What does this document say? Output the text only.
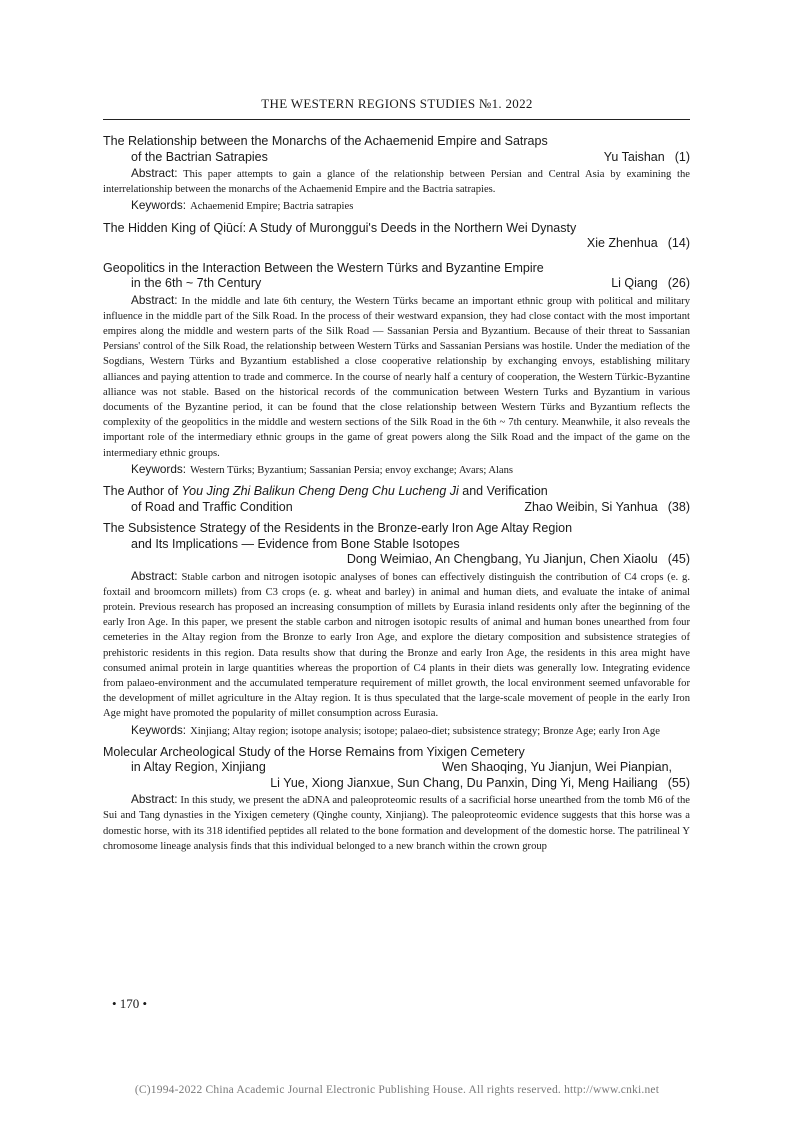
THE WESTERN REGIONS STUDIES №1. 2022
The Relationship between the Monarchs of the Achaemenid Empire and Satraps
of the Bactrian Satrapies	Yu Taishan (1)

Abstract: This paper attempts to gain a glance of the relationship between Persian and Central Asia by examining the interrelationship between the monarchs of the Achaemenid Empire and the Bactria satrapies.

Keywords: Achaemenid Empire; Bactria satrapies

The Hidden King of Qiūcí: A Study of Muronggui's Deeds in the Northern Wei Dynasty
Xie Zhenhua (14)
Geopolitics in the Interaction Between the Western Türks and Byzantine Empire
in the 6th ~ 7th Century	Li Qiang (26)

Abstract: In the middle and late 6th century, the Western Türks became an important ethnic group with political and military influence in the middle part of the Silk Road. In the process of their westward expansion, they had close contact with the most important empires along the middle and western parts of the Silk Road — Sassanian Persia and Byzantium. Because of their threat to Sassanian Persians' control of the Silk Road, the relationship between Western Türks and Sassanian Persians was hostile. Under the mediation of the Sogdians, Western Türks and Byzantium established a close cooperative relationship by exchanging envoys, establishing military alliances and paying attention to trade and commerce. In the course of nearly half a century of cooperation, the Western Türkic-Byzantine alliance was not stable. Based on the historical records of the communication between Western Turks and Byzantium in various documents of the Byzantine period, it can be found that the close relationship between Western Türks and Byzantium reflects the complexity of the geopolitics in the middle and western sections of the Silk Road in the 6th ~ 7th century. Meanwhile, it also reveals the important role of the intermediary ethnic groups in the game of great powers along the Silk Road and the impact of the game on the intermediary ethnic groups.

Keywords: Western Türks; Byzantium; Sassanian Persia; envoy exchange; Avars; Alans

The Author of You Jing Zhi Balikun Cheng Deng Chu Lucheng Ji and Verification
of Road and Traffic Condition	Zhao Weibin, Si Yanhua (38)
The Subsistence Strategy of the Residents in the Bronze-early Iron Age Altay Region
and Its Implications — Evidence from Bone Stable Isotopes
Dong Weimiao, An Chengbang, Yu Jianjun, Chen Xiaolu (45)

Abstract: Stable carbon and nitrogen isotopic analyses of bones can effectively distinguish the contribution of C4 crops (e. g. foxtail and broomcorn millets) from C3 crops (e. g. wheat and barley) in animal and human diets, and evaluate the intake of animal protein. Previous research has proposed an increasing consumption of millets by Eurasia inland residents only after the beginning of the early Iron Age. In this paper, we present the stable carbon and nitrogen isotopic results of animal and human bones unearthed from four cemeteries in the Altay region from the Bronze to early Iron Age, and explore the dietary composition and subsistence strategies of prehistoric residents in this region. Data results show that during the Bronze and early Iron Age, the residents in this area might have consumed animal protein in large quantities whereas the proportion of C4 plants in their diets was generally low. Integrating evidence from palaeo-environment and the accumulated temperature requirement of millet growth, the local environment seemed unfavorable for the development of millet agriculture in the Altay region. It is thus speculated that the large-scale movement of people in the early Iron Age might have promoted the popularity of millet consumption across Eurasia.

Keywords: Xinjiang; Altay region; isotope analysis; isotope; palaeo-diet; subsistence strategy; Bronze Age; early Iron Age

Molecular Archeological Study of the Horse Remains from Yixigen Cemetery
in Altay Region, Xinjiang	Wen Shaoqing, Yu Jianjun, Wei Pianpian,
Li Yue, Xiong Jianxue, Sun Chang, Du Panxin, Ding Yi, Meng Hailiang (55)

Abstract: In this study, we present the aDNA and paleoproteomic results of a sacrificial horse unearthed from the tomb M6 of the Sui and Tang dynasties in the Yixigen cemetery (Qinghe county, Xinjiang). The paleoproteomic evidence suggests that this horse was a domestic horse, with its 318 identified peptides all related to the bone formation and development of the domestic horse. The patrilineal Y chromosome lineage analysis finds that this individual belonged to a new branch within the crown group

• 170 •
(C)1994-2022 China Academic Journal Electronic Publishing House. All rights reserved. http://www.cnki.net
